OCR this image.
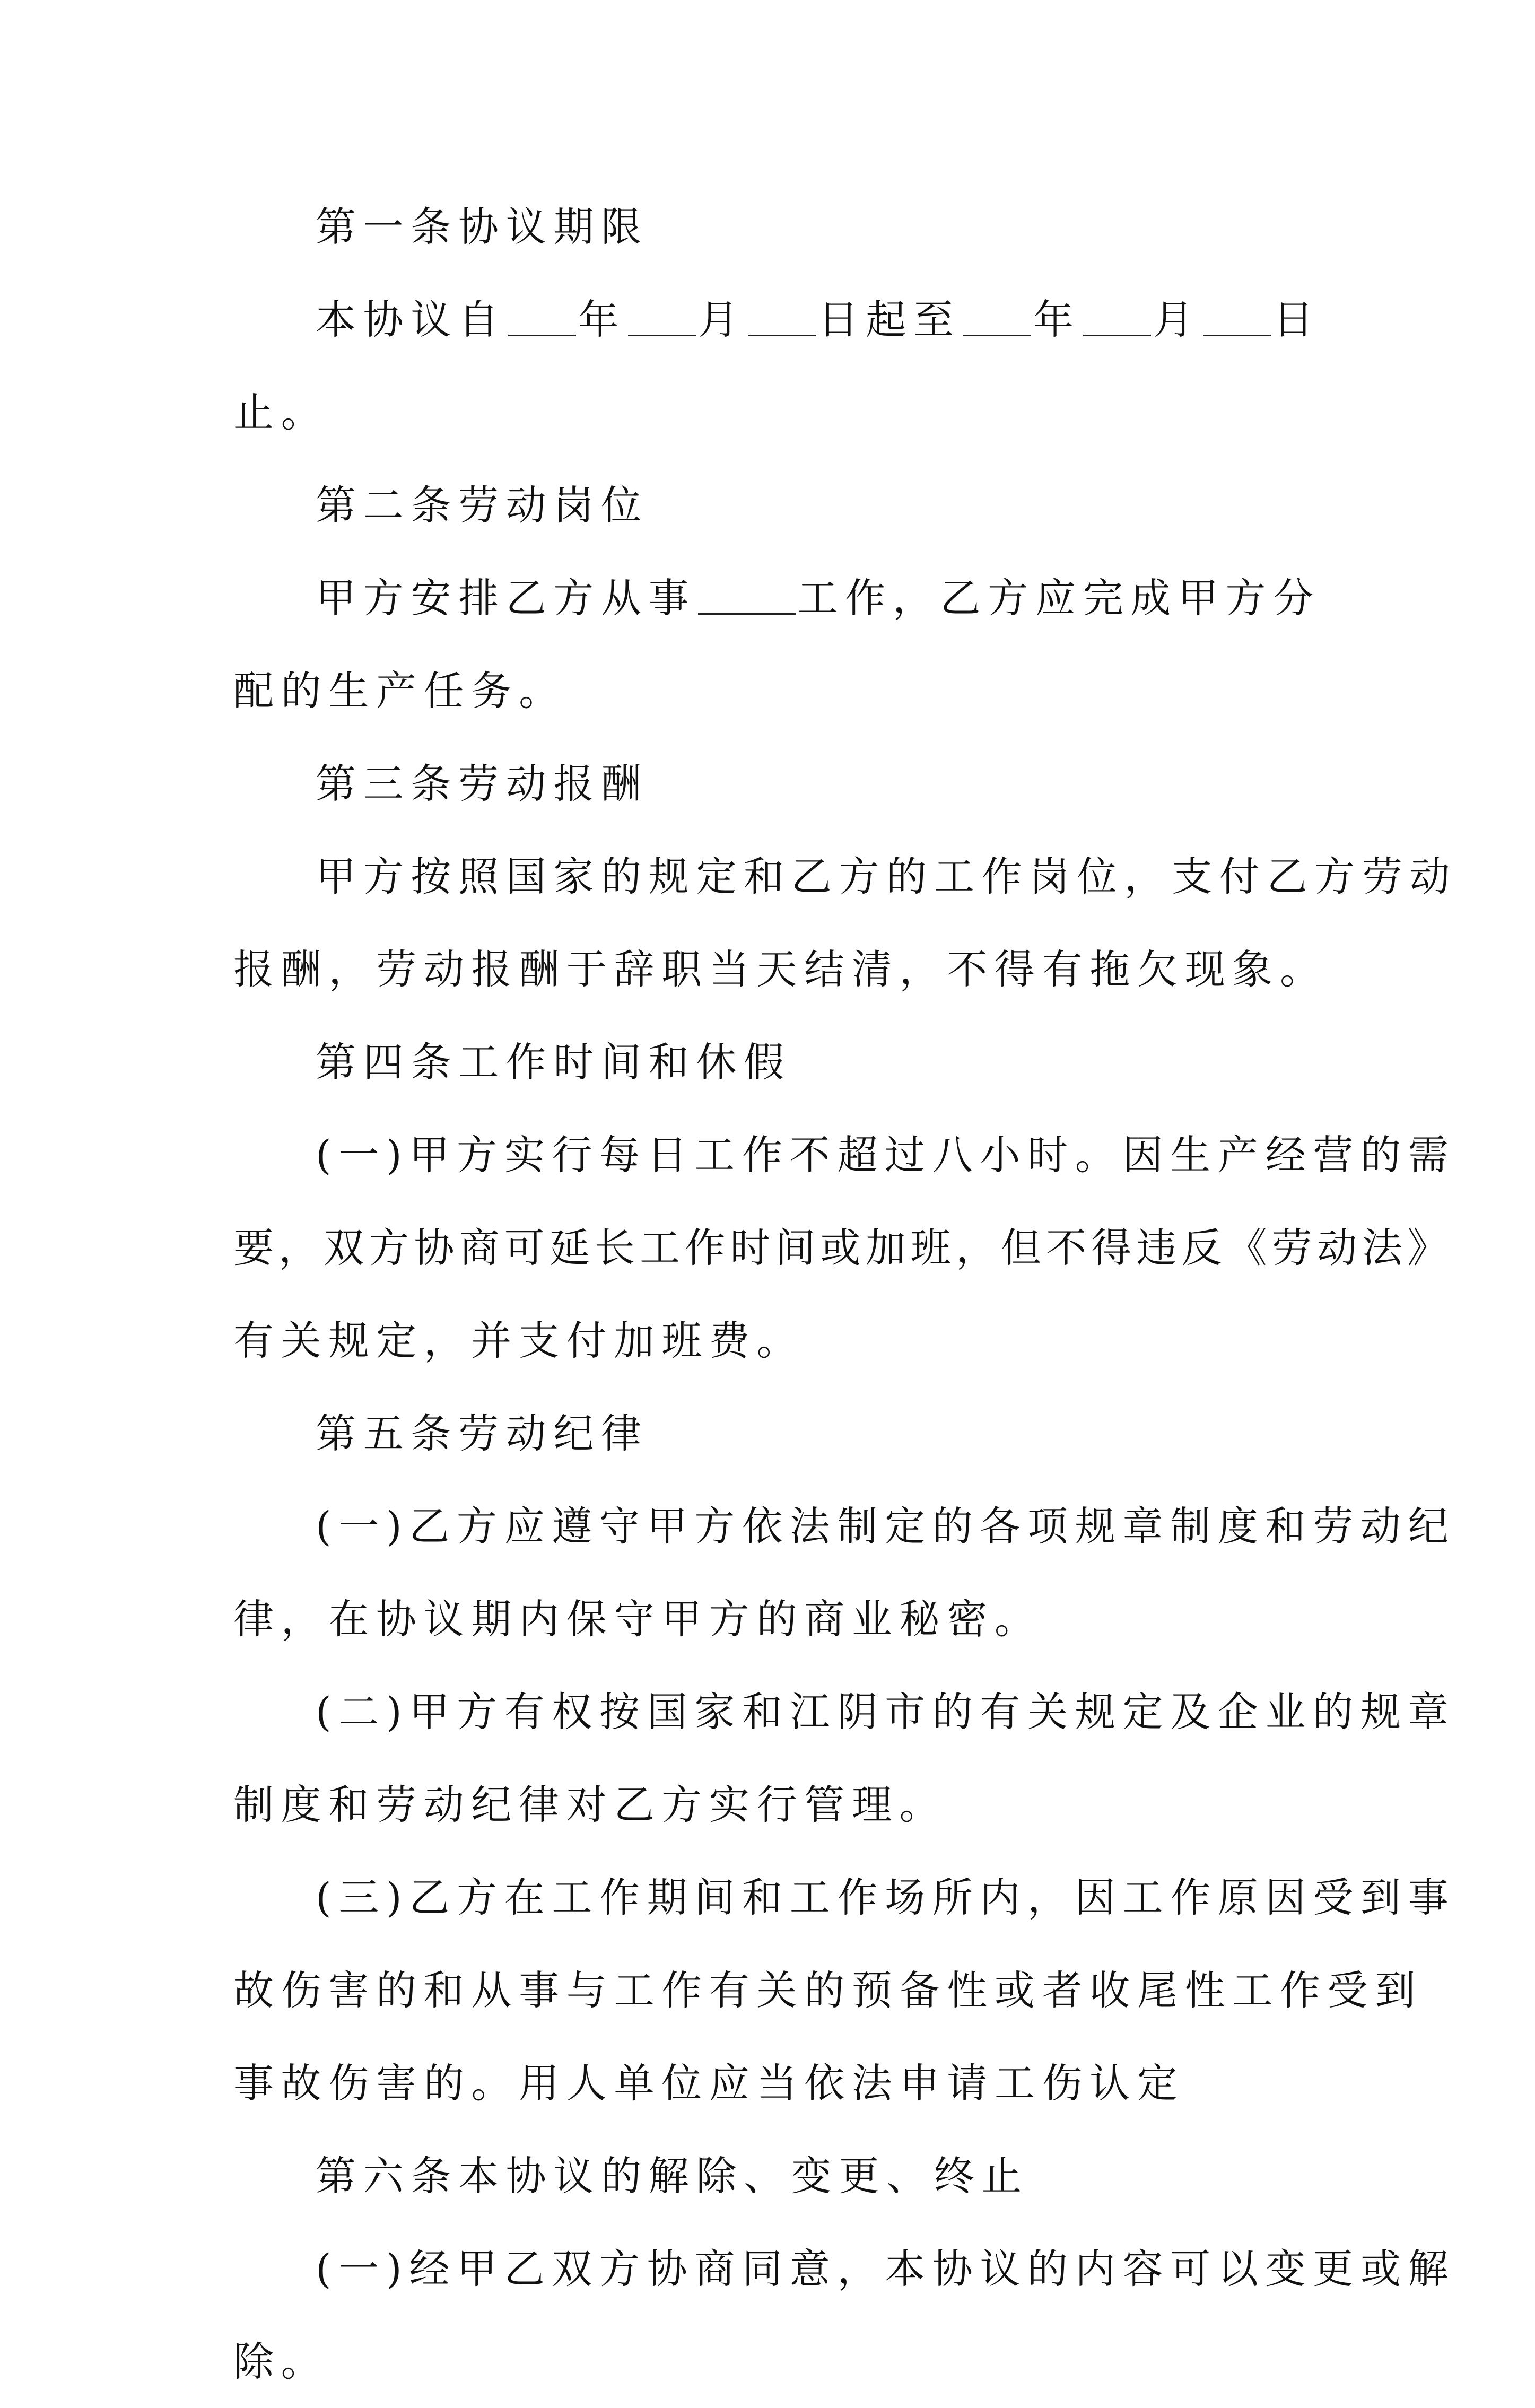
第一条协议期限
本协议自 年 月 日起至 年 月 日
止。
第二条劳动岗位
甲方安排乙方从事	工作，乙方应完成甲方分
配的生产任务。
第三条劳动报酬
甲方按照国家的规定和乙方的工作岗位，支付乙方劳动
报酬，劳动报酬于辞职当天结清，不得有拖欠现象。
第四条工作时间和休假
(一)甲方实行每日工作不超过八小时。因生产经营的需
要，双方协商可延长工作时间或加班，但不得违反《劳动法》
有关规定，并支付加班费。
第五条劳动纪律
(一)乙方应遵守甲方依法制定的各项规章制度和劳动纪
律，在协议期内保守甲方的商业秘密。
(二)甲方有权按国家和江阴市的有关规定及企业的规章
制度和劳动纪律对乙方实行管理。
(三)乙方在工作期间和工作场所内，因工作原因受到事
故伤害的和从事与工作有关的预备性或者收尾性工作受到
事故伤害的。用人单位应当依法申请工伤认定
第六条本协议的解除、变更、终止
(一)经甲乙双方协商同意，本协议的内容可以变更或解
除。
